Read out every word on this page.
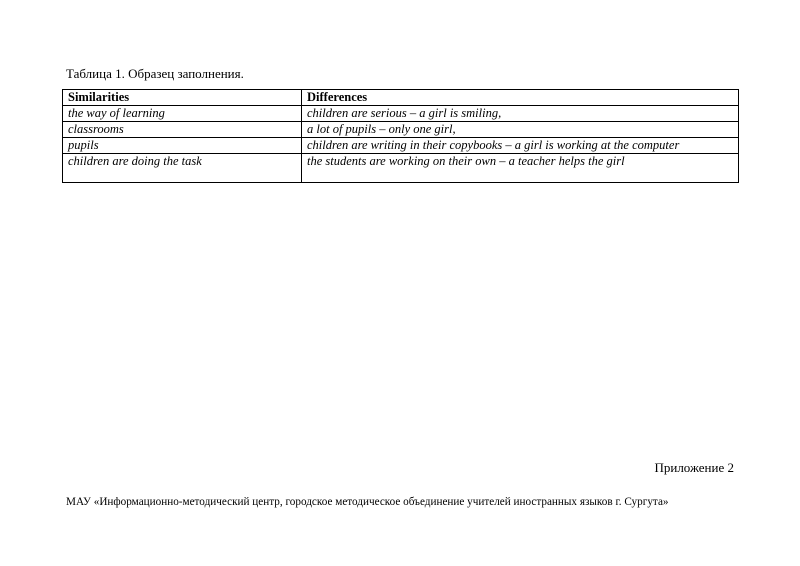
Таблица 1. Образец заполнения.
Similarities	Differences
the way of learning	children are serious – a girl is smiling,
classrooms	a lot of pupils – only one girl,
pupils	children are writing in their copybooks – a girl is working at the computer
children are doing the task	the students are working on their own – a teacher helps the girl
Приложение 2
МАУ «Информационно-методический центр, городское методическое объединение учителей иностранных языков г. Сургута»
